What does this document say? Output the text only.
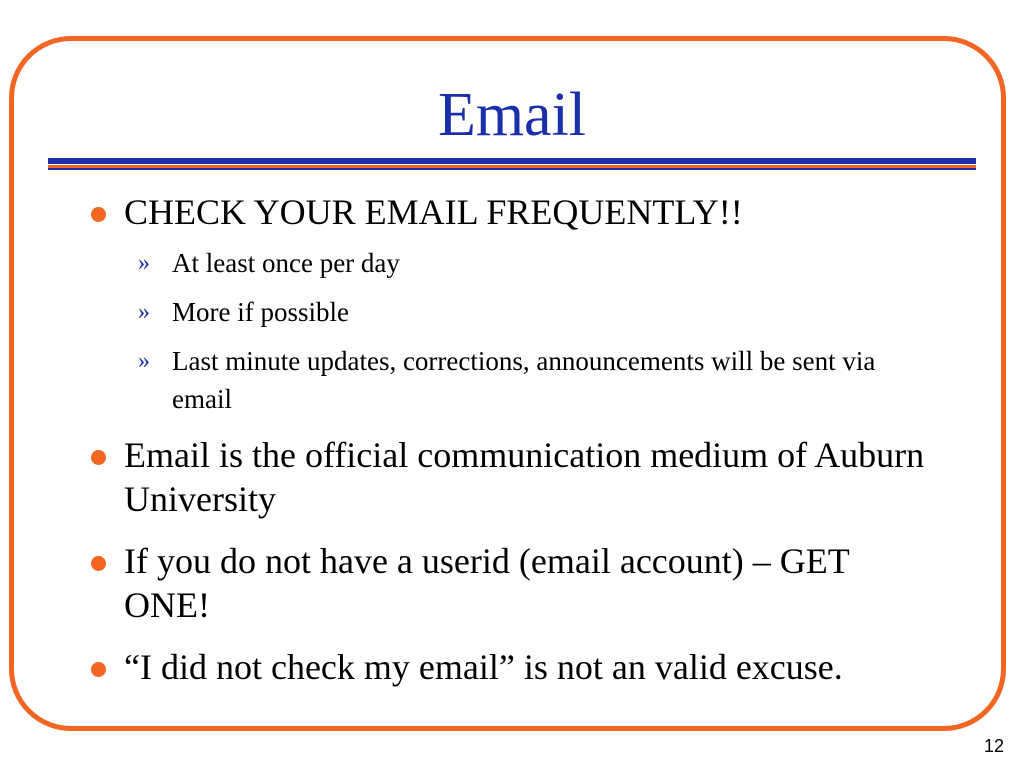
Email
CHECK YOUR EMAIL FREQUENTLY!!
» At least once per day
» More if possible
» Last minute updates, corrections, announcements will be sent via email
Email is the official communication medium of Auburn University
If you do not have a userid (email account) – GET ONE!
“I did not check my email” is not an valid excuse.
12
